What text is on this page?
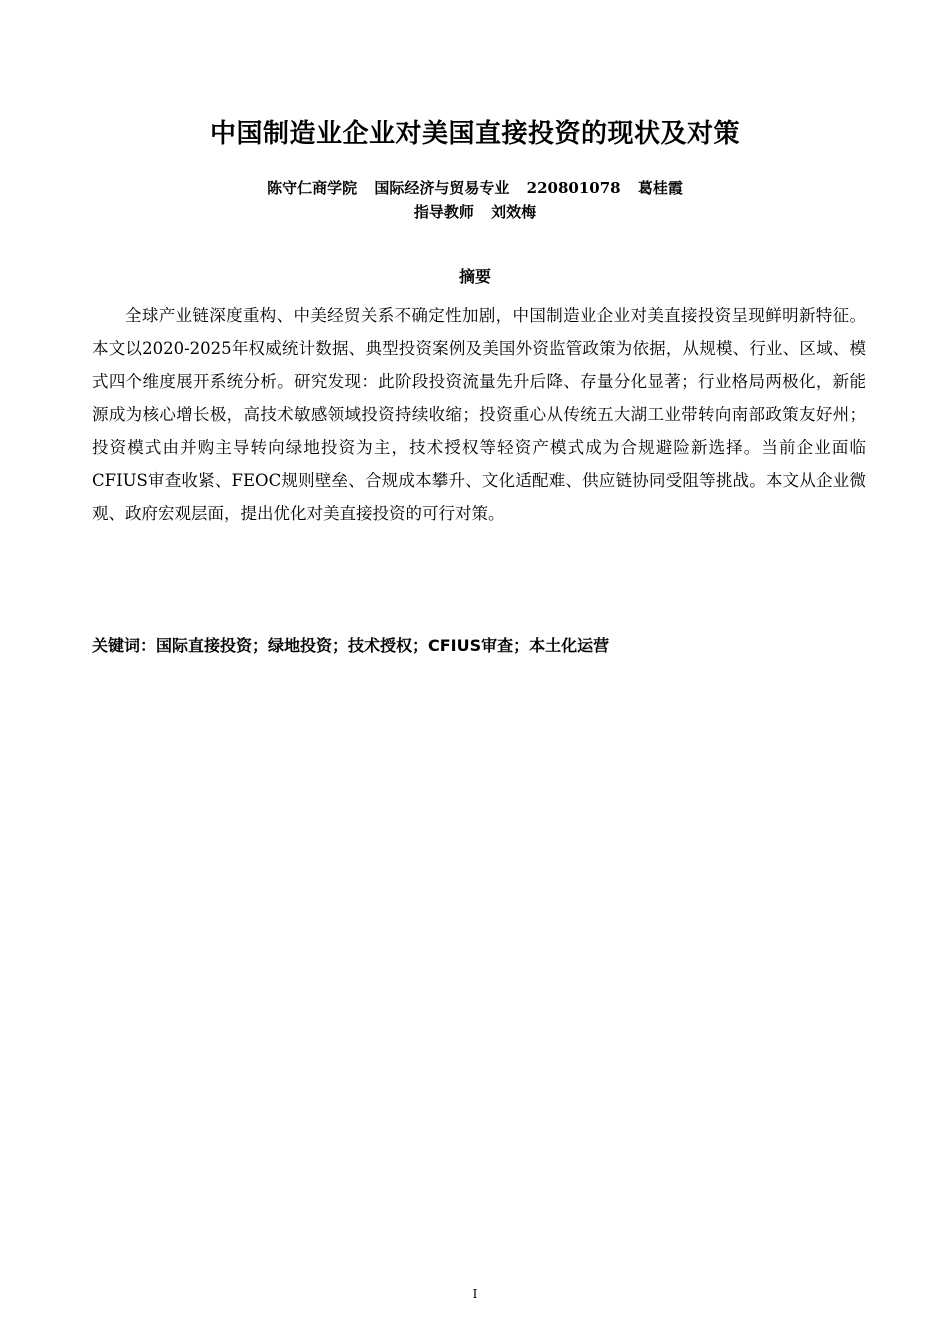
中国制造业企业对美国直接投资的现状及对策
陈守仁商学院 国际经济与贸易专业 220801078 葛桂霞
指导教师 刘效梅
摘要

全球产业链深度重构、中美经贸关系不确定性加剧，中国制造业企业对美直接投资呈现鲜明新特征。本文以2020-2025年权威统计数据、典型投资案例及美国外资监管政策为依据，从规模、行业、区域、模式四个维度展开系统分析。研究发现：此阶段投资流量先升后降、存量分化显著；行业格局两极化，新能源成为核心增长极，高技术敏感领域投资持续收缩；投资重心从传统五大湖工业带转向南部政策友好州；投资模式由并购主导转向绿地投资为主，技术授权等轻资产模式成为合规避险新选择。当前企业面临CFIUS审查收紧、FEOC规则壁垒、合规成本攀升、文化适配难、供应链协同受阻等挑战。本文从企业微观、政府宏观层面，提出优化对美直接投资的可行对策。

关键词：国际直接投资；绿地投资；技术授权；CFIUS审查；本土化运营
I
